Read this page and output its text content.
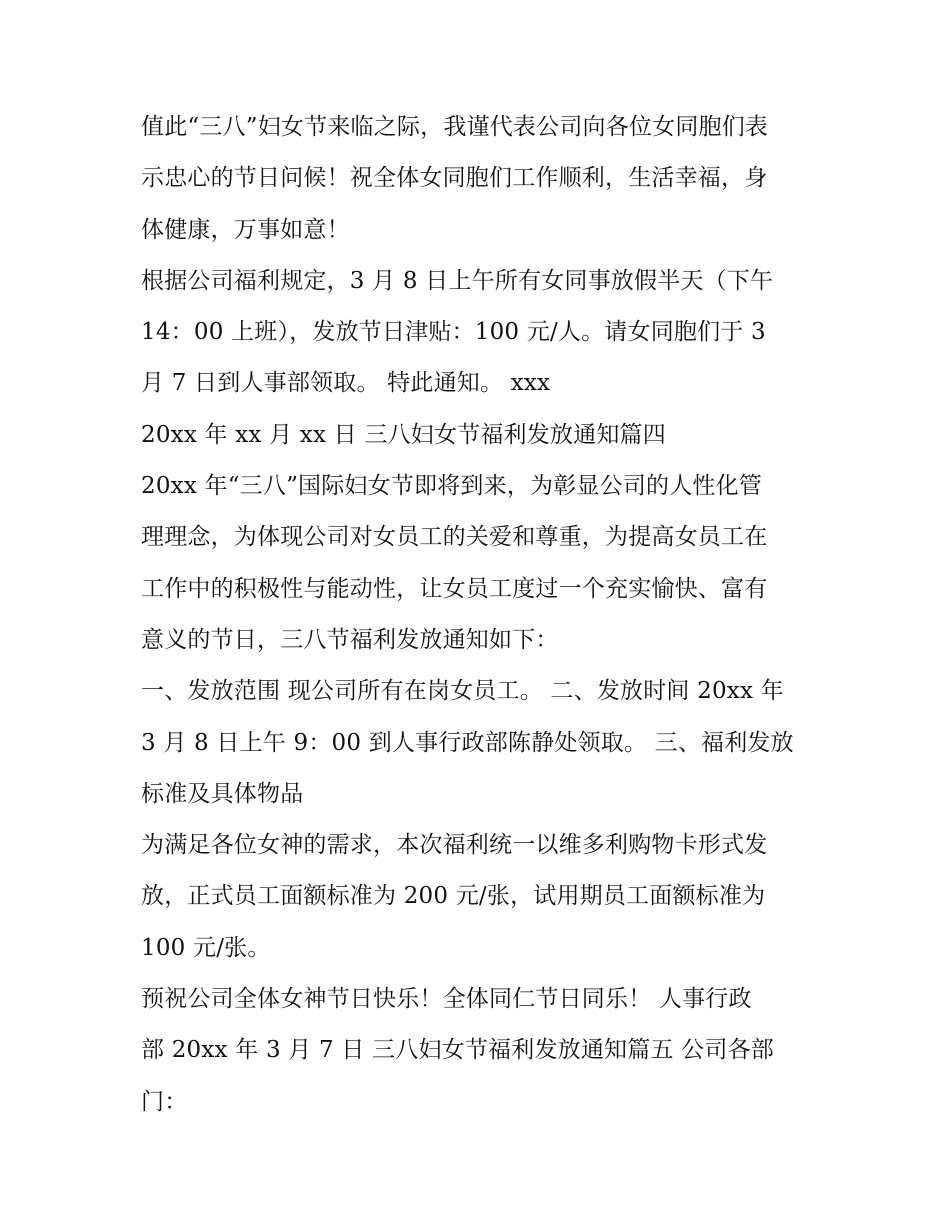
值此“三八”妇女节来临之际，我谨代表公司向各位女同胞们表
示忠心的节日问候！祝全体女同胞们工作顺利，生活幸福，身
体健康，万事如意！
根据公司福利规定，3 月 8 日上午所有女同事放假半天（下午
14：00 上班），发放节日津贴：100 元/人。请女同胞们于 3
月 7 日到人事部领取。 特此通知。 xxx
20xx 年 xx 月 xx 日 三八妇女节福利发放通知篇四
20xx 年“三八”国际妇女节即将到来，为彰显公司的人性化管
理理念，为体现公司对女员工的关爱和尊重，为提高女员工在
工作中的积极性与能动性，让女员工度过一个充实愉快、富有
意义的节日，三八节福利发放通知如下：
一、发放范围 现公司所有在岗女员工。 二、发放时间 20xx 年
3 月 8 日上午 9：00 到人事行政部陈静处领取。 三、福利发放
标准及具体物品
为满足各位女神的需求，本次福利统一以维多利购物卡形式发
放，正式员工面额标准为 200 元/张，试用期员工面额标准为
100 元/张。
预祝公司全体女神节日快乐！全体同仁节日同乐！ 人事行政
部 20xx 年 3 月 7 日 三八妇女节福利发放通知篇五 公司各部
门：
